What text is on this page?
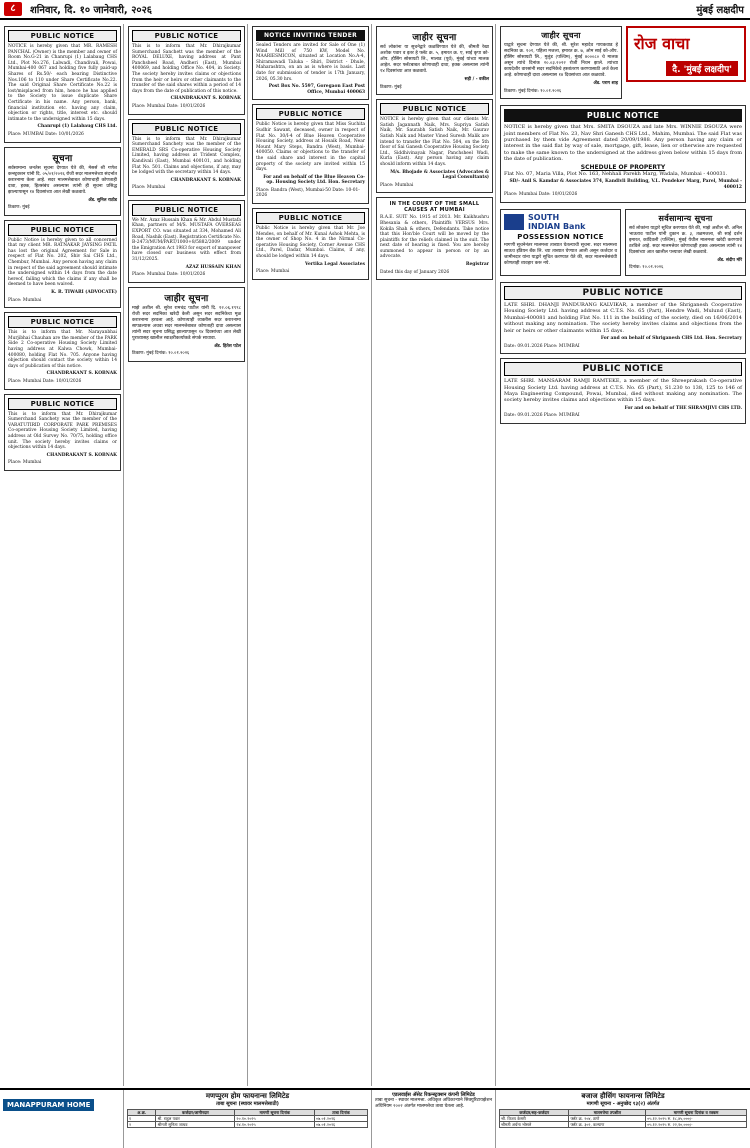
८	शनिवार, दि. १० जानेवारी, २०२६	मुंबई लक्षदीप
PUBLIC NOTICE
NOTICE is hereby given that MR. RAMESH PANCHAL (Owner) is the member and owner of Room No.G-21 in Chanrupi (1) Lalabaug CHS Ltd., Plot No.276, Lalwadi, Chandivali, Powai, Mumbai-400 067 and holding five fully paid-up Shares of Rs.50/- each bearing Distinctive Nos.106 to 110 under Share Certificate No.22. The said Original Share Certificate No.22 is lost/misplaced from him, hence he has applied to the Society to issue duplicate Share Certificate in his name. Any person, bank, financial institution etc. having any claim, objection or rights, title, interest etc. should intimate to the undersigned within 15 days.
Chanrupi (1) Lalabaug CHS Ltd.
Place: MUMBAI Date: 10/01/2026
सूचना
सर्वसामान्य जनतेस सूचना देण्यात येते की, मेसर्स श्री गणेश कन्स्ट्रक्शन यांनी दि. ०५/०१/२०२६ रोजी सदर मालमत्तेच्या संदर्भात करारनामा केला आहे. सदर मालमत्तेबाबत कोणाचाही कोणताही दावा, हक्क, हितसंबंध असल्यास त्यांनी ही सूचना प्रसिद्ध झाल्यापासून १४ दिवसांच्या आत लेखी कळवावे.
ॲड. सुनिल राठोड
ठिकाण: मुंबई
PUBLIC NOTICE
Public Notice is hereby given to all concerned that my client MR. RATNAKAR JAYSING PATIL has lost the original Agreement for Sale in respect of Flat No. 202, Shiv Sai CHS Ltd., Chembur, Mumbai. Any person having any claim in respect of the said agreement should intimate the undersigned within 14 days from the date hereof, failing which the claims if any shall be deemed to have been waived.
K. R. TIWARI (ADVOCATE)
Place: Mumbai
PUBLIC NOTICE
This is to inform that Mr. Narayanbhai Murjibhai Chauhan are the member of the PARK Side 2 Co-operative Housing Society Limited having address at Kalwa Chowk, Mumbai-400080, holding Flat No. 705. Anyone having objection should contact the society within 14 days of publication of this notice.
CHANDRAKANT S. KOBNAK
Place: Mumbai Date: 10/01/2026
PUBLIC NOTICE
This is to inform that Mr. Dhirajkumar Sumerchand Sanchety was the member of the VARATUTIRID CORPORATE PARK PREMISES Co-operative Housing Society Limited, having address at Old Survey No. 70/75, holding office unit. The society hereby invites claims or objections within 14 days.
CHANDRAKANT S. KOBNAK
Place: Mumbai
PUBLIC NOTICE
This is to inform that Mr. Dhirajkumar Sumerchand Sanchett was the member of the ROYAL DELUXE, having address at Pant Panchsheel Road, Andheri (East), Mumbai 400069, and holding Office No. 404, in Society. The society hereby invites claims or objections from the heir or heirs or other claimants to the transfer of the said shares within a period of 14 days from the date of publication of this notice.
CHANDRAKANT S. KOBNAK
Place: Mumbai Date: 10/01/2026
PUBLIC NOTICE
This is to inform that Mr. Dhirajkumar Sumerchand Sanchety was the member of the EMERALD SRS Co-operative Housing Society Limited, having address at Trident Complex, Kandivali (East), Mumbai 400101, and holding Flat No. 501. Claims and objections, if any, may be lodged with the secretary within 14 days.
CHANDRAKANT S. KOBNAK
Place: Mumbai
PUBLIC NOTICE
We Mr. Azaz Hussain Khan & Mr. Abdul Mustafa Khan, partners of M/S. MUSTAFA OVERSEAS EXPORT CO. was situated at 334, Mohamed Ali Road, Nashik (East). Registration Certificate No. B-2473/MUM/PART/1000+8/5882/2009 under the Emigration Act 1983 for export of manpower have closed our business with effect from 31/12/2025.
AZAZ HUSSAIN KHAN
Place: Mumbai Date: 10/01/2026
जाहीर सूचना
माझे अशील श्री. सुरेश रामचंद्र पाटील यांनी दि. १२.०६.१९९८ रोजी सदर सदनिका खरेदी केली असून सदर सदनिकेचा मूळ करारनामा हरवला आहे. कोणत्याही व्यक्तीस सदर करारनामा सापडल्यास अथवा सदर मालमत्तेबाबत कोणताही दावा असल्यास त्यांनी सदर सूचना प्रसिद्ध झाल्यापासून १४ दिवसांच्या आत लेखी पुराव्यासह खालील स्वाक्षरीकर्त्याकडे संपर्क साधावा.
ॲड. हितेश पटेल
ठिकाण: मुंबई दिनांक: १०.०१.२०२६
NOTICE INVITING TENDER
Sealed Tenders are invited for Sale of One (1) Wind Mill of 750 KW, Model No. MAARIESMICON, situated at Location No.A-4, Shiramawadi Taluka - Shiri, District - Dhule, Maharashtra, on an as is where is basis. Last date for submission of tender is 17th January, 2026, 05.30 hrs.
Post Box No. 5597, Goregaon East Post Office, Mumbai 400063
PUBLIC NOTICE
Public Notice is hereby given that Miss Suchita Sudhir Sawant, deceased, owner in respect of Flat No. 30/I-4 of Blue Heaven Cooperative Housing Society, address at Hosaik Road, Near Mount Mary Steps, Bandra (West), Mumbai-400050. Claims or objections to the transfer of the said share and interest in the capital property of the society are invited within 15 days.
For and on behalf of the Blue Heaven Co-op. Housing Society Ltd. Hon. Secretary
Place: Bandra (West), Mumbai-50 Date: 10-01-2026
PUBLIC NOTICE
Public Notice is hereby given that Mr. Joe Mendes, on behalf of Mr. Kunal Ashok Mehta, is the owner of Shop No. 4 in the Nirmal Co-operative Housing Society, Corner Avenue CHS Ltd., Parel, Dadar, Mumbai. Claims, if any, should be lodged within 14 days.
Vertika Legal Associates
Place: Mumbai
जाहीर सूचना
सर्व लोकांना या सूचनेद्वारे कळविण्यात येते की, श्रीमती रेखा अशोक पवार व इतर हे फ्लॅट क्र. ५, इमारत क्र. ए, साई कृपा को-ऑप. हौसिंग सोसायटी लि., मालाड (पूर्व), मुंबई यांच्या मालक आहेत. सदर फ्लॅटबाबत कोणाचाही दावा, हक्क असल्यास त्यांनी १४ दिवसांच्या आत कळवावे.
सही / - वकील
ठिकाण: मुंबई
PUBLIC NOTICE
NOTICE is hereby given that our clients Mr. Satish Jagannath Naik, Mrs. Supriya Satish Naik, Mr. Saurabh Satish Naik, Mr. Gaurav Satish Naik and Master Vinod Suresh Malik are intend to transfer the Flat No. 504, on the 5th floor of Sai Ganesh Cooperative Housing Society Ltd., Siddhivinayak Nagar, Panchsheel Wadi, Kurla (East). Any person having any claim should inform within 14 days.
M/s. Bhojade & Associates (Advocates & Legal Consultants)
Place: Mumbai
IN THE COURT OF THE SMALL CAUSES AT MUMBAI
R.A.E. SUIT No. 1915 of 2013. Mr. Kaikhushru Bhesania & others, Plaintiffs VERSUS Mrs. Kokila Shah & others, Defendants. Take notice that this Hon'ble Court will be moved by the plaintiffs for the reliefs claimed in the suit. The next date of hearing is fixed. You are hereby summoned to appear in person or by an advocate.
Registrar
Dated this day of January 2026
जाहीर सूचना
याद्वारे सूचना देण्यात येते की, श्री. सुरेश महादेव गायकवाड हे सदनिका क्र. १०१, पहिला मजला, इमारत क्र. ७, ओम साई को-ऑप. हौसिंग सोसायटी लि., मुलुंड (पश्चिम), मुंबई ४०००८० चे मालक असून त्यांचे दिनांक २०.०३.२०२२ रोजी निधन झाले. त्यांच्या कायदेशीर वारसांनी सदर सदनिकेचे हस्तांतरण करण्यासाठी अर्ज केला आहे. कोणाचाही दावा असल्यास १४ दिवसांच्या आत कळवावे.
ॲड. पराग शाह
ठिकाण: मुंबई दिनांक: १०.०१.२०२६
रोज वाचा
दै. 'मुंबई लक्षदीप'
PUBLIC NOTICE
NOTICE is hereby given that Mrs. SMITA DSOUZA and late Mrs. WINNIE DSOUZA were joint members of Flat No. 23, Nav Shri Ganesh CHS Ltd., Mahim, Mumbai. The said Flat was purchased by them vide Agreement dated 20/09/1988. Any person having any claim or interest in the said flat by way of sale, mortgage, gift, lease, lien or otherwise are requested to make the same known to the undersigned at the address given below within 15 days from the date of publication.
SCHEDULE OF PROPERTY
Flat No. 07, Maria Villa, Plot No. 163, Nehhali Parekh Marg, Wadala, Mumbai - 400031.
SD/- Anil S. Kamdar & Associates 374, Kandivli Building, V.L. Pendeker Marg, Parel, Mumbai - 400012
Place: Mumbai Date: 10/01/2026
SOUTH
INDIAN Bank
POSSESSION NOTICE
मागणी सूचनेनंतर मालमत्ता ताब्यात घेतल्याची सूचना. सदर मालमत्ता साऊथ इंडियन बँक लि. च्या ताब्यात घेण्यात आली असून कर्जदार व जामीनदार यांना याद्वारे सूचित करण्यात येते की, सदर मालमत्तेसंबंधी कोणताही व्यवहार करू नये.
सर्वसामान्य सूचना
सर्व लोकांना याद्वारे सूचित करण्यात येते की, माझे अशील श्री. अनिल भाऊराव पाटील यांनी दुकान क्र. ३, तळमजला, श्री साई दर्शन इमारत, कांदिवली (पश्चिम), मुंबई येथील मालमत्ता खरेदी करण्याचे ठरविले आहे. सदर मालमत्तेवर कोणाचाही हक्क असल्यास त्यांनी १४ दिवसांच्या आत खालील पत्त्यावर लेखी कळवावे.
ॲड. संदीप मोरे
दिनांक: १०.०१.२०२६
PUBLIC NOTICE
LATE SHRI. DHANJI PANDURANG KALVIKAR, a member of the Shriganesh Cooperative Housing Society Ltd. having address at C.T.S. No. 65 (Part), Hendre Wadi, Mulund (East), Mumbai-400081 and holding Flat No. 111 in the building of the society, died on 16/06/2014 without making any nomination. The society hereby invites claims and objections from the heir or heirs or other claimants within 15 days.
For and on behalf of Shriganesh CHS Ltd. Hon. Secretary
Date: 09.01.2026 Place: MUMBAI
PUBLIC NOTICE
LATE SHRI. MANSARAM RAMJI RAMTEKE, a member of the Shreeprakash Co-operative Housing Society Ltd. having address at C.T.S. No. 65 (Part), S1.230 to 138, 125 to 146 of Maya Engineering Compound, Powai, Mumbai, died without making any nomination. The society hereby invites claims and objections within 15 days.
For and on behalf of THE SHRAMJIVI CHS LTD.
Date: 09.01.2026 Place: MUMBAI
MANAPPURAM HOME
मणप्पुरम होम फायनान्स लिमिटेड
ताबा सूचना (स्थावर मालमत्तेसाठी)
अ.क्र.	कर्जदार/जामीनदार	मागणी सूचना दिनांक	ताबा दिनांक
१	श्री. राहुल पवार	२०.१०.२०२५	०७.०१.२०२६
२	श्रीमती सुनिता जाधव	२४.१०.२०२५	०७.०१.२०२६
एडलवाईस ॲसेट रिकन्स्ट्रक्शन कंपनी लिमिटेड
ताबा सूचना - स्थावर मालमत्ता. अधिकृत अधिकाऱ्याने सिक्युरिटायझेशन अधिनियम २००२ अंतर्गत मालमत्तेचा ताबा घेतला आहे.
बजाज हौसिंग फायनान्स लिमिटेड
मागणी सूचना - अनुच्छेद १३(२) अंतर्गत
कर्जदार/सह-कर्जदार	मालमत्तेचा तपशील	मागणी सूचना दिनांक व रक्कम
श्री. विजय केसरी	फ्लॅट क्र. २०४, ठाणे	०५.१२.२०२५ रु. १८,४५,०००/-
श्रीमती अर्चना भोसले	फ्लॅट क्र. ३०२, कल्याण	०५.१२.२०२५ रु. २२,१०,०००/-
